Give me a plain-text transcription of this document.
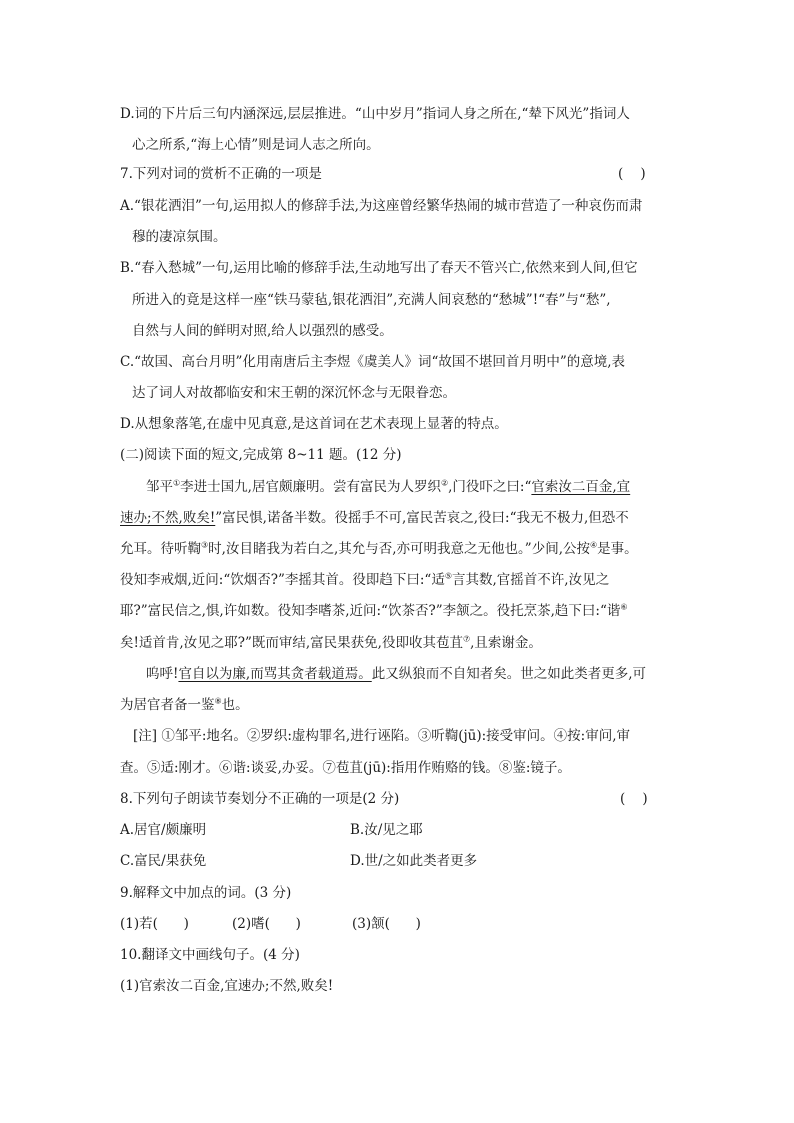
D.词的下片后三句内涵深远,层层推进。“山中岁月”指词人身之所在,“辇下风光”指词人
心之所系,“海上心情”则是词人志之所向。
7.下列对词的赏析不正确的一项是	(    )
A.“银花洒泪”一句,运用拟人的修辞手法,为这座曾经繁华热闹的城市营造了一种哀伤而肃
穆的凄凉氛围。
B.“春入愁城”一句,运用比喻的修辞手法,生动地写出了春天不管兴亡,依然来到人间,但它
所进入的竟是这样一座“铁马蒙毡,银花洒泪”,充满人间哀愁的“愁城”!“春”与“愁”,
自然与人间的鲜明对照,给人以强烈的感受。
C.“故国、高台月明”化用南唐后主李煜《虞美人》词“故国不堪回首月明中”的意境,表
达了词人对故都临安和宋王朝的深沉怀念与无限眷恋。
D.从想象落笔,在虚中见真意,是这首词在艺术表现上显著的特点。
(二)阅读下面的短文,完成第 8~11 题。(12 分)
邹平①李进士国九,居官颇廉明。尝有富民为人罗织②,门役吓之曰:“官索汝二百金,宜
速办;不然,败矣!”富民惧,诺备半数。役摇手不可,富民苦哀之,役曰:“我无不极力,但恐不
允耳。待听鞫③时,汝目睹我为若白之,其允与否,亦可明我意之无他也。”少间,公按④是事。
役知李戒烟,近问:“饮烟否?”李摇其首。役即趋下曰:“适⑤言其数,官摇首不许,汝见之
耶?”富民信之,惧,许如数。役知李嗜茶,近问:“饮茶否?”李颔之。役托烹茶,趋下曰:“谐⑥
矣!适首肯,汝见之耶?”既而审结,富民果获免,役即收其苞苴⑦,且索谢金。
呜呼!官自以为廉,而骂其贪者载道焉。此又纵狼而不自知者矣。世之如此类者更多,可
为居官者备一鉴⑧也。
[注] ①邹平:地名。②罗织:虚构罪名,进行诬陷。③听鞫(jū):接受审问。④按:审问,审
查。⑤适:刚才。⑥谐:谈妥,办妥。⑦苞苴(jū):指用作贿赂的钱。⑧鉴:镜子。
8.下列句子朗读节奏划分不正确的一项是(2 分)	(    )
A.居官/颇廉明	B.汝/见之耶
C.富民/果获免	D.世/之如此类者更多
9.解释文中加点的词。(3 分)
(1)若(      )	(2)嗜(      )	(3)颔(      )
10.翻译文中画线句子。(4 分)
(1)官索汝二百金,宜速办;不然,败矣!
